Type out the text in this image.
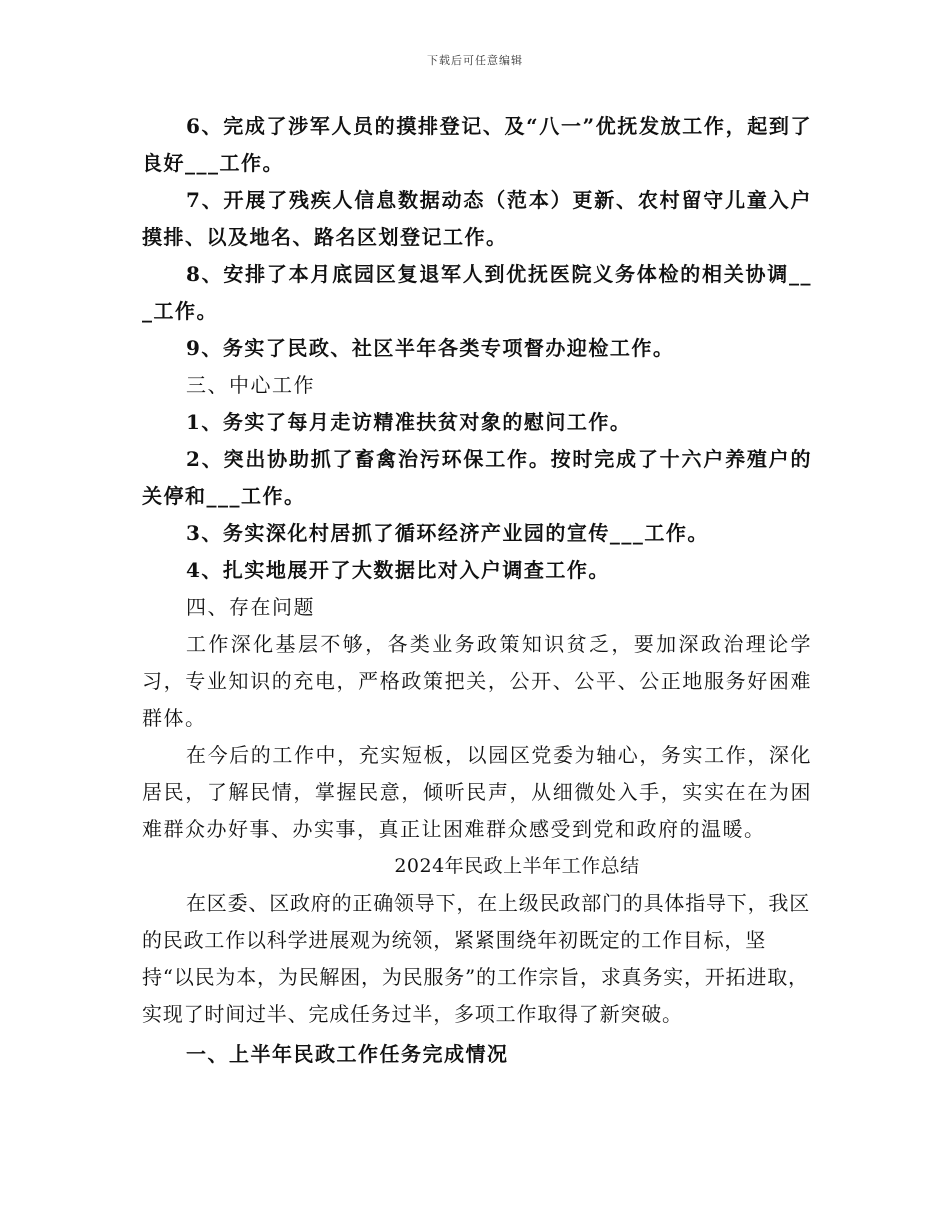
下载后可任意编辑

6、完成了涉军人员的摸排登记、及“八一”优抚发放工作，起到了良好___工作。

7、开展了残疾人信息数据动态（范本）更新、农村留守儿童入户摸排、以及地名、路名区划登记工作。

8、安排了本月底园区复退军人到优抚医院义务体检的相关协调___工作。

9、务实了民政、社区半年各类专项督办迎检工作。

三、中心工作

1、务实了每月走访精准扶贫对象的慰问工作。

2、突出协助抓了畜禽治污环保工作。按时完成了十六户养殖户的关停和___工作。

3、务实深化村居抓了循环经济产业园的宣传___工作。

4、扎实地展开了大数据比对入户调查工作。

四、存在问题

工作深化基层不够，各类业务政策知识贫乏，要加深政治理论学习，专业知识的充电，严格政策把关，公开、公平、公正地服务好困难群体。

在今后的工作中，充实短板，以园区党委为轴心，务实工作，深化居民，了解民情，掌握民意，倾听民声，从细微处入手，实实在在为困难群众办好事、办实事，真正让困难群众感受到党和政府的温暖。

2024年民政上半年工作总结

在区委、区政府的正确领导下，在上级民政部门的具体指导下，我区的民政工作以科学进展观为统领，紧紧围绕年初既定的工作目标，坚持“以民为本，为民解困，为民服务”的工作宗旨，求真务实，开拓进取，实现了时间过半、完成任务过半，多项工作取得了新突破。

一、上半年民政工作任务完成情况
